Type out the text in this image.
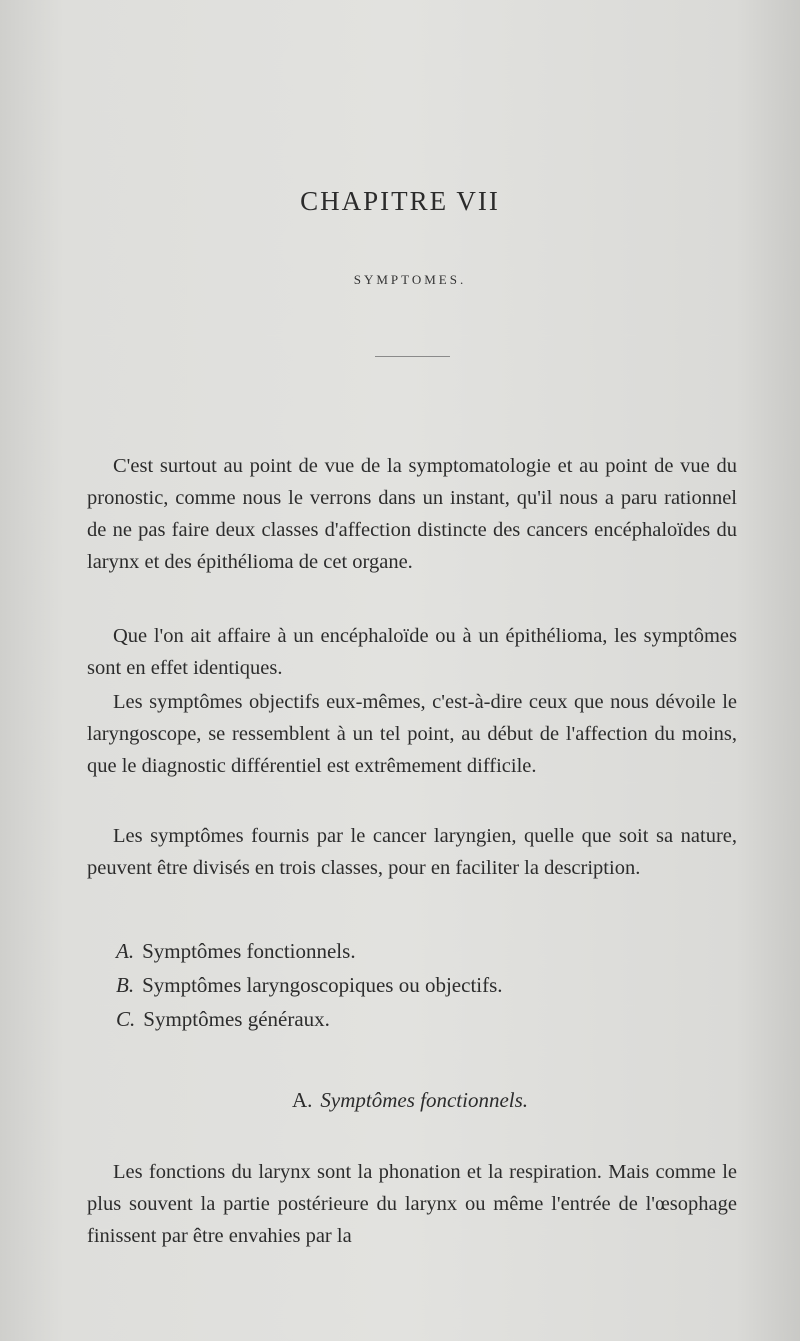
CHAPITRE VII
SYMPTOMES.
C'est surtout au point de vue de la symptomatologie et au point de vue du pronostic, comme nous le verrons dans un instant, qu'il nous a paru rationnel de ne pas faire deux classes d'affection distincte des cancers encéphaloïdes du larynx et des épithélioma de cet organe.
Que l'on ait affaire à un encéphaloïde ou à un épithélioma, les symptômes sont en effet identiques.
Les symptômes objectifs eux-mêmes, c'est-à-dire ceux que nous dévoile le laryngoscope, se ressemblent à un tel point, au début de l'affection du moins, que le diagnostic différentiel est extrêmement difficile.
Les symptômes fournis par le cancer laryngien, quelle que soit sa nature, peuvent être divisés en trois classes, pour en faciliter la description.
A. Symptômes fonctionnels.
B. Symptômes laryngoscopiques ou objectifs.
C. Symptômes généraux.
A. Symptômes fonctionnels.
Les fonctions du larynx sont la phonation et la respiration. Mais comme le plus souvent la partie postérieure du larynx ou même l'entrée de l'œsophage finissent par être envahies par la
